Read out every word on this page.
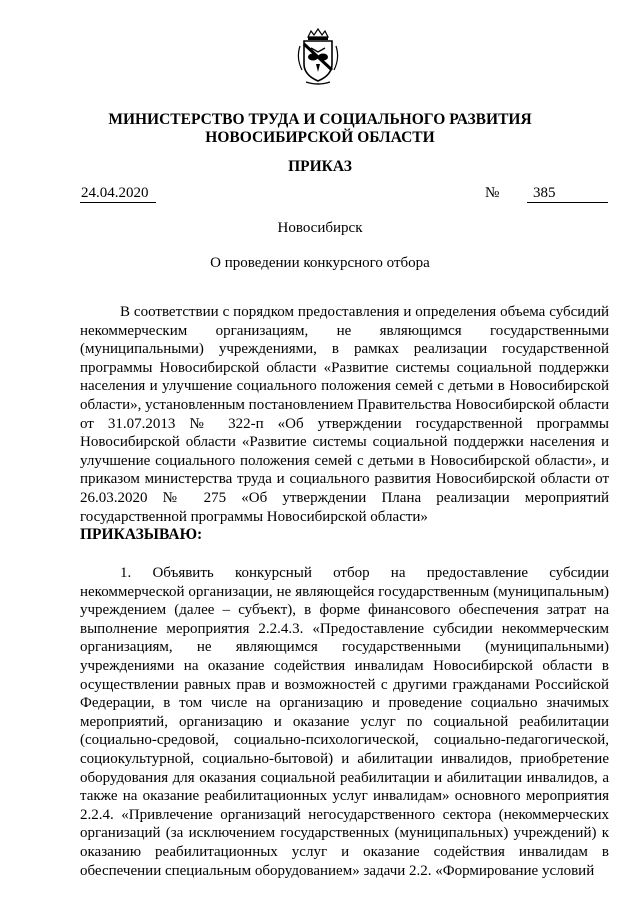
МИНИСТЕРСТВО ТРУДА И СОЦИАЛЬНОГО РАЗВИТИЯ
НОВОСИБИРСКОЙ ОБЛАСТИ
ПРИКАЗ
24.04.2020	№	385
Новосибирск
О проведении конкурсного отбора

В соответствии с порядком предоставления и определения объема субсидий некоммерческим организациям, не являющимся государственными (муниципальными) учреждениями, в рамках реализации государственной программы Новосибирской области «Развитие системы социальной поддержки населения и улучшение социального положения семей с детьми в Новосибирской области», установленным постановлением Правительства Новосибирской области от 31.07.2013 № 322-п «Об утверждении государственной программы Новосибирской области «Развитие системы социальной поддержки населения и улучшение социального положения семей с детьми в Новосибирской области», и приказом министерства труда и социального развития Новосибирской области от 26.03.2020 № 275 «Об утверждении Плана реализации мероприятий государственной программы Новосибирской области»

ПРИКАЗЫВАЮ:

1. Объявить конкурсный отбор на предоставление субсидии некоммерческой организации, не являющейся государственным (муниципальным) учреждением (далее – субъект), в форме финансового обеспечения затрат на выполнение мероприятия 2.2.4.3. «Предоставление субсидии некоммерческим организациям, не являющимся государственными (муниципальными) учреждениями на оказание содействия инвалидам Новосибирской области в осуществлении равных прав и возможностей с другими гражданами Российской Федерации, в том числе на организацию и проведение социально значимых мероприятий, организацию и оказание услуг по социальной реабилитации (социально-средовой, социально-психологической, социально-педагогической, социокультурной, социально-бытовой) и абилитации инвалидов, приобретение оборудования для оказания социальной реабилитации и абилитации инвалидов, а также на оказание реабилитационных услуг инвалидам» основного мероприятия 2.2.4. «Привлечение организаций негосударственного сектора (некоммерческих организаций (за исключением государственных (муниципальных) учреждений) к оказанию реабилитационных услуг и оказание содействия инвалидам в обеспечении специальным оборудованием» задачи 2.2. «Формирование условий
